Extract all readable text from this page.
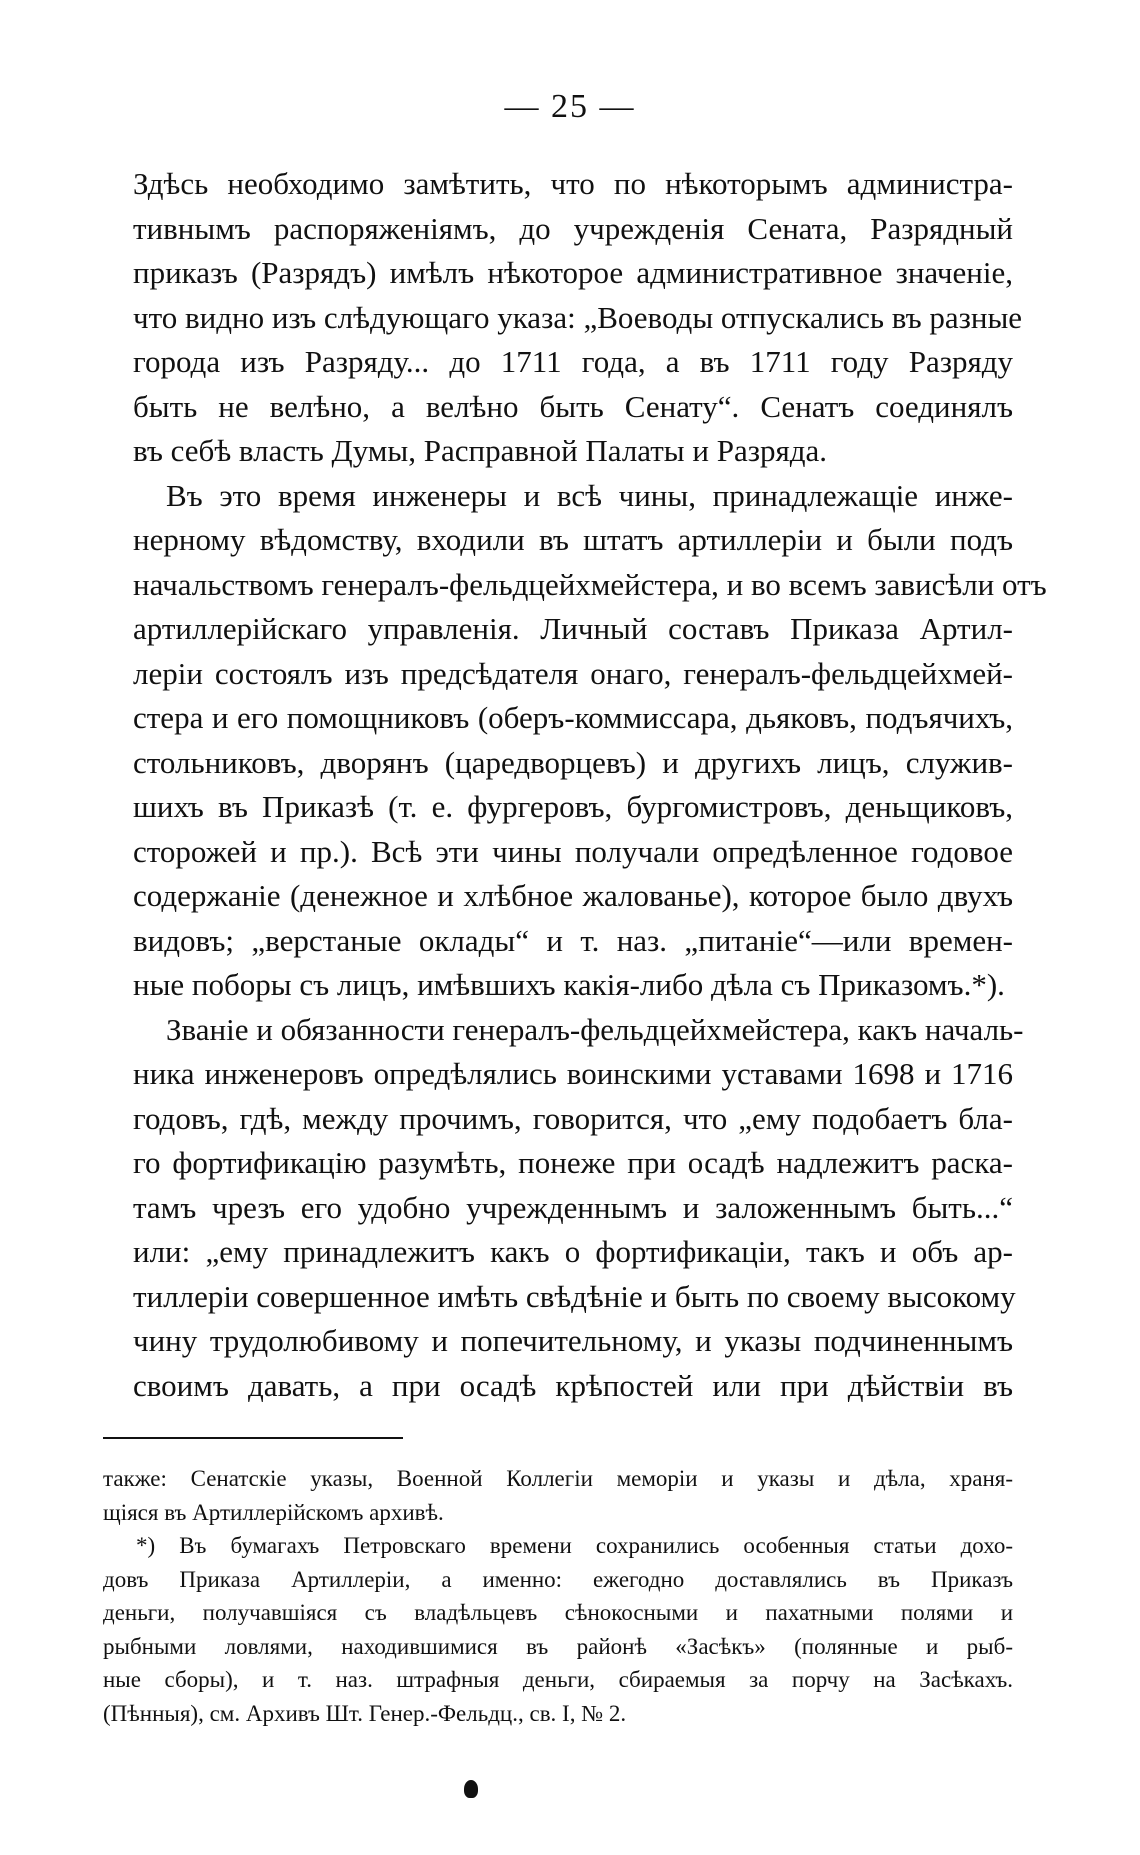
— 25 —
Здѣсь необходимо замѣтить, что по нѣкоторымъ администра-
тивнымъ распоряженіямъ, до учрежденія Сената, Разрядный
приказъ (Разрядъ) имѣлъ нѣкоторое административное значеніе,
что видно изъ слѣдующаго указа: „Воеводы отпускались въ разные
города изъ Разряду... до 1711 года, а въ 1711 году Разряду
быть не велѣно, а велѣно быть Сенату“. Сенатъ соединялъ
въ себѣ власть Думы, Расправной Палаты и Разряда.
Въ это время инженеры и всѣ чины, принадлежащіе инже-
нерному вѣдомству, входили въ штатъ артиллеріи и были подъ
начальствомъ генералъ-фельдцейхмейстера, и во всемъ зависѣли отъ
артиллерійскаго управленія. Личный составъ Приказа Артил-
леріи состоялъ изъ предсѣдателя онаго, генералъ-фельдцейхмей-
стера и его помощниковъ (оберъ-коммиссара, дьяковъ, подъячихъ,
стольниковъ, дворянъ (царедворцевъ) и другихъ лицъ, служив-
шихъ въ Приказѣ (т. е. фургеровъ, бургомистровъ, деньщиковъ,
сторожей и пр.). Всѣ эти чины получали опредѣленное годовое
содержаніе (денежное и хлѣбное жалованье), которое было двухъ
видовъ; „верстаные оклады“ и т. наз. „питаніе“—или времен-
ные поборы съ лицъ, имѣвшихъ какія-либо дѣла съ Приказомъ.*).
Званіе и обязанности генералъ-фельдцейхмейстера, какъ началь-
ника инженеровъ опредѣлялись воинскими уставами 1698 и 1716
годовъ, гдѣ, между прочимъ, говорится, что „ему подобаетъ бла-
го фортификацію разумѣть, понеже при осадѣ надлежитъ раска-
тамъ чрезъ его удобно учрежденнымъ и заложеннымъ быть...“
или: „ему принадлежитъ какъ о фортификаціи, такъ и объ ар-
тиллеріи совершенное имѣть свѣдѣніе и быть по своему высокому
чину трудолюбивому и попечительному, и указы подчиненнымъ
своимъ давать, а при осадѣ крѣпостей или при дѣйствіи въ
также: Сенатскіе указы, Военной Коллегіи меморіи и указы и дѣла, храня-
щіяся въ Артиллерійскомъ архивѣ.
*) Въ бумагахъ Петровскаго времени сохранились особенныя статьи дохо-
довъ Приказа Артиллеріи, а именно: ежегодно доставлялись въ Приказъ
деньги, получавшіяся съ владѣльцевъ сѣнокосными и пахатными полями и
рыбными ловлями, находившимися въ районѣ «Засѣкъ» (полянные и рыб-
ные сборы), и т. наз. штрафныя деньги, сбираемыя за порчу на Засѣкахъ.
(Пѣнныя), см. Архивъ Шт. Генер.-Фельдц., св. I, № 2.
